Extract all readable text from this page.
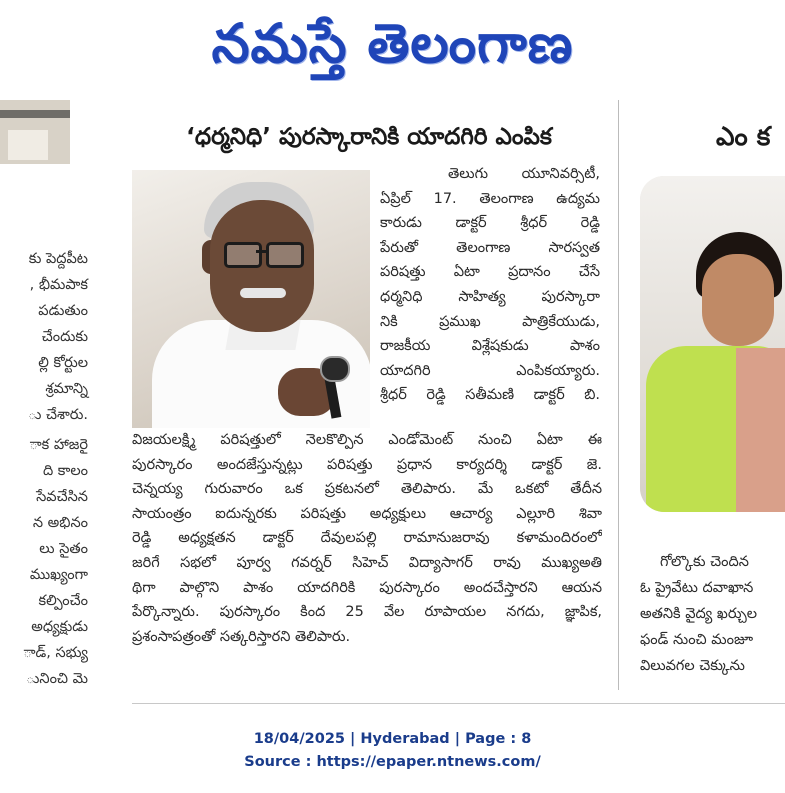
నమస్తే తెలంగాణ
కు పెద్దపీట
, భీమపాక
పడుతుం
చేందుకు
ల్లి కోర్టుల
శ్రమాన్ని
ు చేశారు.
ాక హాజరై
ది కాలం
సేవచేసిన
న అభినం
లు సైతం
ముఖ్యంగా
కల్పించేం
అధ్యక్షుడు
ాడ్, సభ్యు
ునించి మె
‘ధర్మనిధి’ పురస్కారానికి యాదగిరి ఎంపిక
తెలుగు యూనివర్సిటీ,
ఏప్రిల్ 17. తెలంగాణ ఉద్యమ
కారుడు డాక్టర్ శ్రీధర్ రెడ్డి
పేరుతో తెలంగాణ సారస్వత
పరిషత్తు ఏటా ప్రదానం చేసే
ధర్మనిధి సాహిత్య పురస్కారా
నికి ప్రముఖ పాత్రికేయుడు,
రాజకీయ విశ్లేషకుడు పాశం
యాదగిరి ఎంపికయ్యారు.
శ్రీధర్ రెడ్డి సతీమణి డాక్టర్ బి.
విజయలక్ష్మి పరిషత్తులో నెలకొల్పిన ఎండోమెంట్ నుంచి ఏటా ఈ
పురస్కారం అందజేస్తున్నట్లు పరిషత్తు ప్రధాన కార్యదర్శి డాక్టర్ జె.
చెన్నయ్య గురువారం ఒక ప్రకటనలో తెలిపారు. మే ఒకటో తేదీన
సాయంత్రం ఐదున్నరకు పరిషత్తు అధ్యక్షులు ఆచార్య ఎల్లూరి శివా
రెడ్డి అధ్యక్షతన డాక్టర్ దేవులపల్లి రామానుజరావు కళామందిరంలో
జరిగే సభలో పూర్వ గవర్నర్ సిహెచ్ విద్యాసాగర్ రావు ముఖ్యఅతి
థిగా పాల్గొని పాశం యాదగిరికి పురస్కారం అందచేస్తారని ఆయన
పేర్కొన్నారు. పురస్కారం కింద 25 వేల రూపాయల నగదు, జ్ఞాపిక,
ప్రశంసాపత్రంతో సత్కరిస్తారని తెలిపారు.
ఎం క
గోల్కొకు చెందిన
ఓ ప్రైవేటు దవాఖాన
అతనికి వైద్య ఖర్చుల
ఫండ్ నుంచి మంజూ
విలువగల చెక్కును
18/04/2025 | Hyderabad | Page : 8
Source : https://epaper.ntnews.com/
